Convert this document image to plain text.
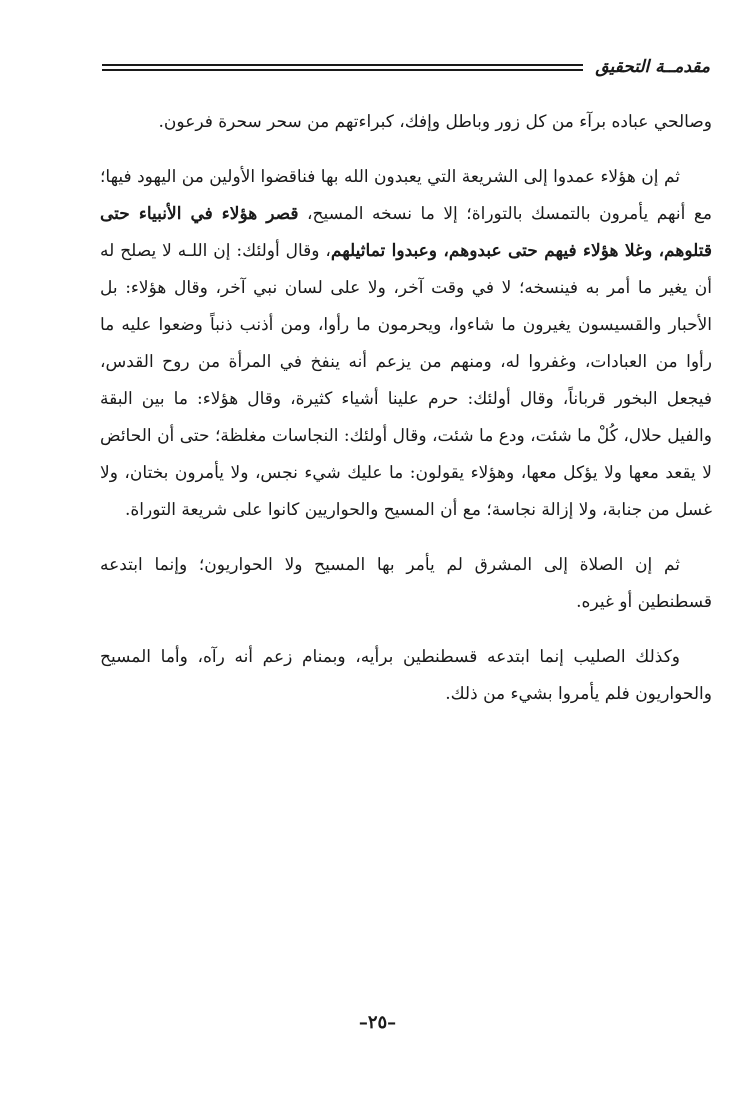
مقدمــة التحقيق

وصالحي عباده برآء من كل زور وباطل وإفك، كبراءتهم من سحر سحرة فرعون.

ثم إن هؤلاء عمدوا إلى الشريعة التي يعبدون الله بها فناقضوا الأولين من اليهود فيها؛ مع أنهم يأمرون بالتمسك بالتوراة؛ إلا ما نسخه المسيح، قصر هؤلاء في الأنبياء حتى قتلوهم، وغلا هؤلاء فيهم حتى عبدوهم، وعبدوا تماثيلهم، وقال أولئك: إن اللـه لا يصلح له أن يغير ما أمر به فينسخه؛ لا في وقت آخر، ولا على لسان نبي آخر، وقال هؤلاء: بل الأحبار والقسيسون يغيرون ما شاءوا، ويحرمون ما رأوا، ومن أذنب ذنباً وضعوا عليه ما رأوا من العبادات، وغفروا له، ومنهم من يزعم أنه ينفخ في المرأة من روح القدس، فيجعل البخور قرباناً، وقال أولئك: حرم علينا أشياء كثيرة، وقال هؤلاء: ما بين البقة والفيل حلال، كُلْ ما شئت، ودع ما شئت، وقال أولئك: النجاسات مغلظة؛ حتى أن الحائض لا يقعد معها ولا يؤكل معها، وهؤلاء يقولون: ما عليك شيء نجس، ولا يأمرون بختان، ولا غسل من جنابة، ولا إزالة نجاسة؛ مع أن المسيح والحواريين كانوا على شريعة التوراة.

ثم إن الصلاة إلى المشرق لم يأمر بها المسيح ولا الحواريون؛ وإنما ابتدعه قسطنطين أو غيره.

وكذلك الصليب إنما ابتدعه قسطنطين برأيه، وبمنام زعم أنه رآه، وأما المسيح والحواريون فلم يأمروا بشيء من ذلك.

–٢٥–
